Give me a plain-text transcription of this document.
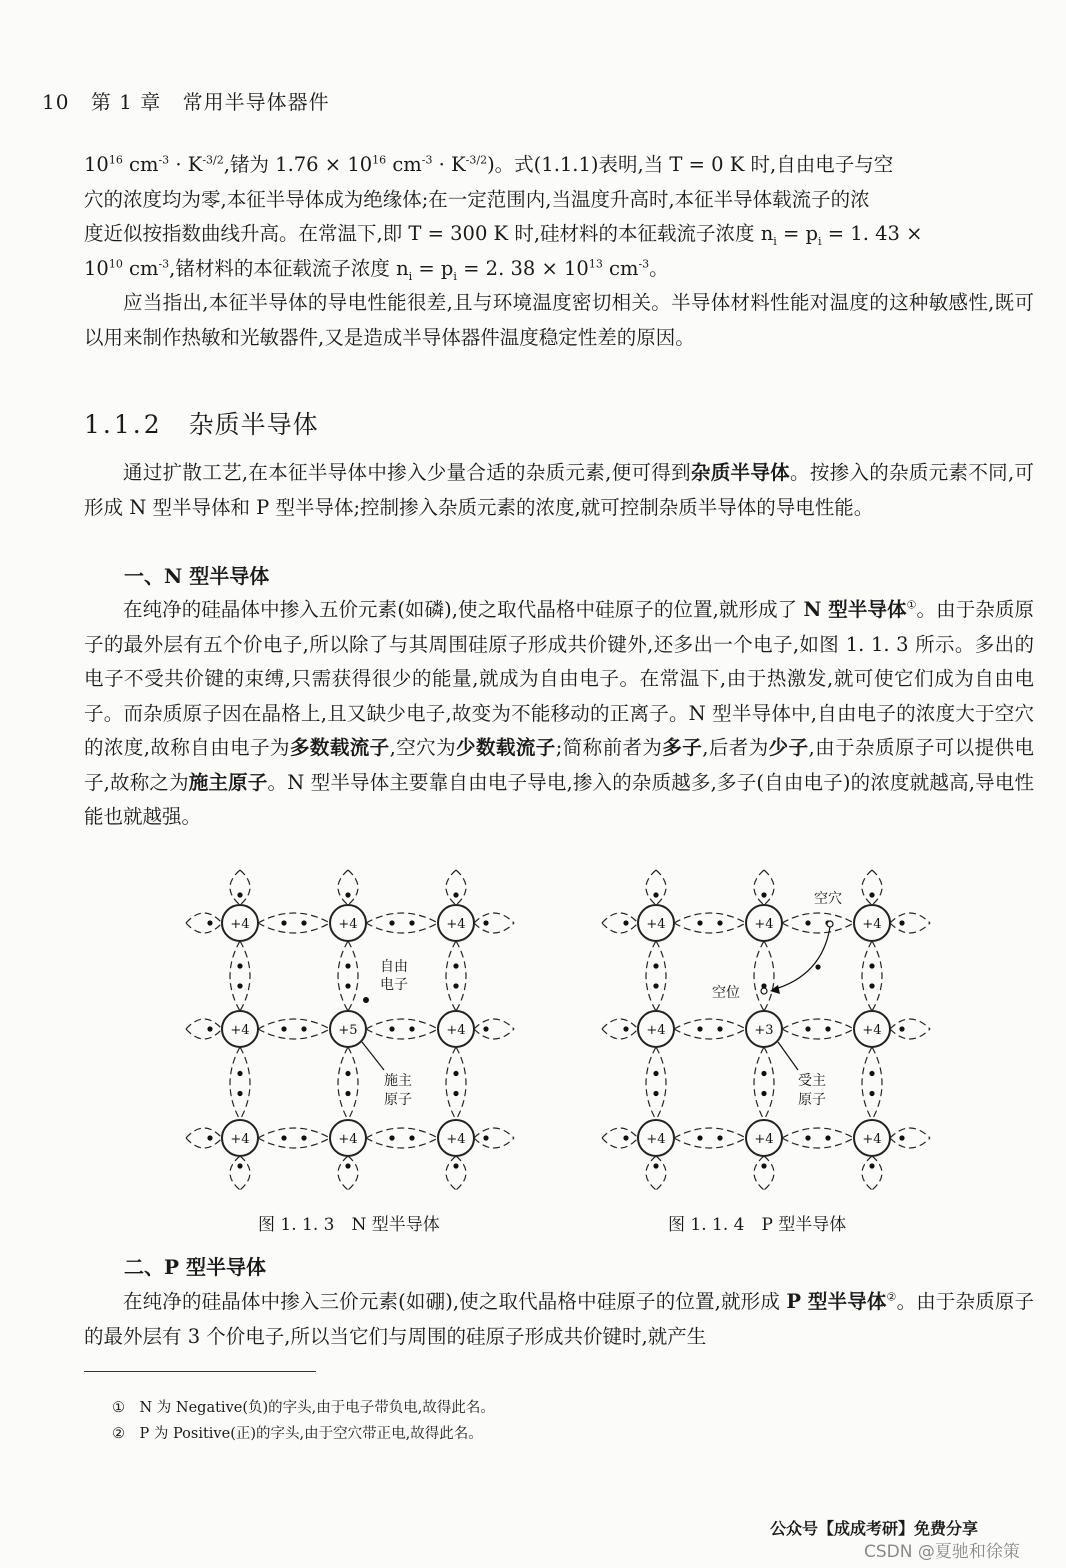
10 第 1 章 常用半导体器件

$10^{16}$ $cm^{-3} \cdot K^{-3/2}$,锗为 $1.76 \times 10^{16}$ $cm^{-3} \cdot K^{-3/2}$)。式(1.1.1)表明,当 T = 0 K 时,自由电子与空

穴的浓度均为零,本征半导体成为绝缘体;在一定范围内,当温度升高时,本征半导体载流子的浓

度近似按指数曲线升高。在常温下,即 T = 300 K 时,硅材料的本征载流子浓度 $n_i = p_i = 1$. 43 ×

$10^{10}$ $cm^{-3}$,锗材料的本征载流子浓度 $n_i = p_i = 2$. $38 \times 10^{13}$ $cm^{-3}$。

应当指出,本征半导体的导电性能很差,且与环境温度密切相关。半导体材料性能对温度的这种敏感性,既可以用来制作热敏和光敏器件,又是造成半导体器件温度稳定性差的原因。

1.1.2 杂质半导体

通过扩散工艺,在本征半导体中掺入少量合适的杂质元素,便可得到杂质半导体。按掺入的杂质元素不同,可形成 N 型半导体和 P 型半导体;控制掺入杂质元素的浓度,就可控制杂质半导体的导电性能。

一、N 型半导体

在纯净的硅晶体中掺入五价元素(如磷),使之取代晶格中硅原子的位置,就形成了 N 型半导体①。由于杂质原子的最外层有五个价电子,所以除了与其周围硅原子形成共价键外,还多出一个电子,如图 1. 1. 3 所示。多出的电子不受共价键的束缚,只需获得很少的能量,就成为自由电子。在常温下,由于热激发,就可使它们成为自由电子。而杂质原子因在晶格上,且又缺少电子,故变为不能移动的正离子。N 型半导体中,自由电子的浓度大于空穴的浓度,故称自由电子为多数载流子,空穴为少数载流子;简称前者为多子,后者为少子,由于杂质原子可以提供电子,故称之为施主原子。N 型半导体主要靠自由电子导电,掺入的杂质越多,多子(自由电子)的浓度就越高,导电性能也就越强。

+4	+4	+4
+4	+5	+4
+4	+4	+4
自由
电子
施主
原子
图 1. 1. 3　N 型半导体
+4	+4	+4
+4	+3	+4
+4	+4	+4
空穴
空位
受主
原子
图 1. 1. 4　P 型半导体

二、P 型半导体

在纯净的硅晶体中掺入三价元素(如硼),使之取代晶格中硅原子的位置,就形成 P 型半导体②。由于杂质原子的最外层有 3 个价电子,所以当它们与周围的硅原子形成共价键时,就产生

①　N 为 Negative(负)的字头,由于电子带负电,故得此名。
②　P 为 Positive(正)的字头,由于空穴带正电,故得此名。
公众号【成成考研】免费分享
CSDN @夏驰和徐策
